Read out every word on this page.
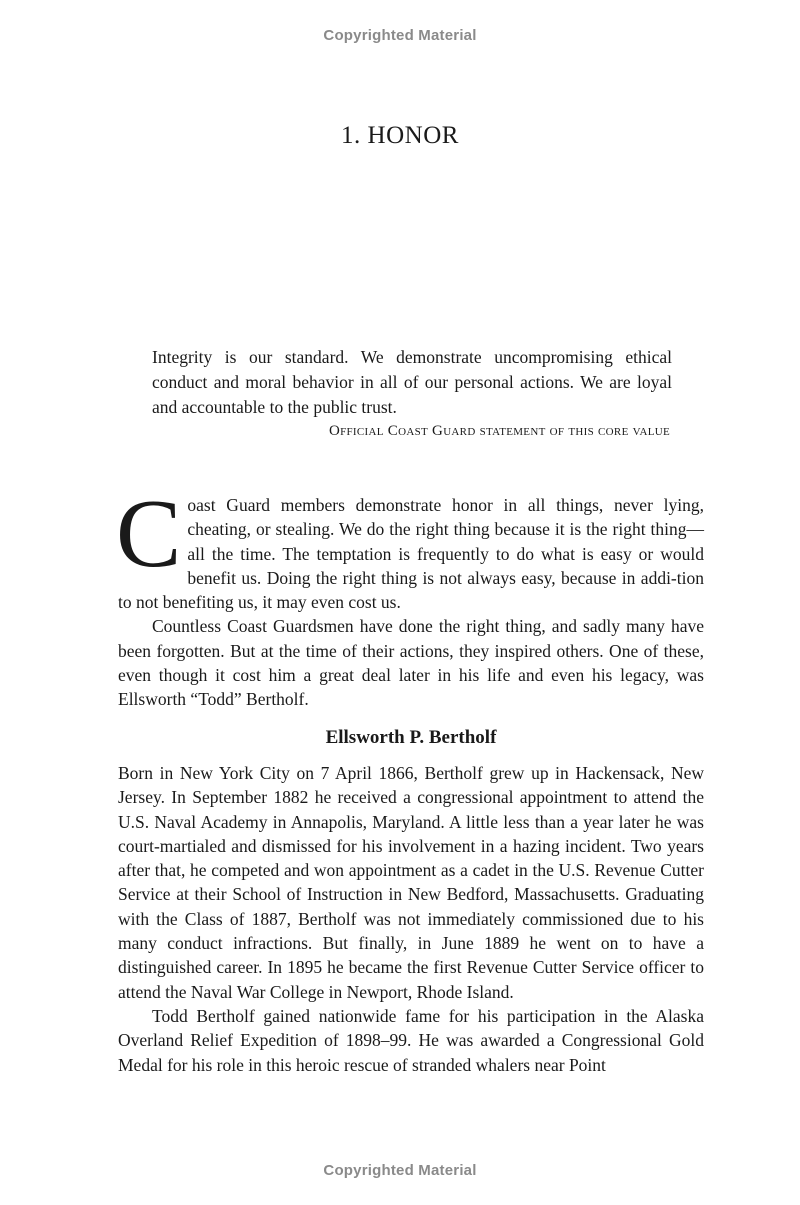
Copyrighted Material
1. HONOR
Integrity is our standard. We demonstrate uncompromising ethical conduct and moral behavior in all of our personal actions. We are loyal and accountable to the public trust.
Official Coast Guard statement of this core value

Coast Guard members demonstrate honor in all things, never lying, cheating, or stealing. We do the right thing because it is the right thing—all the time. The temptation is frequently to do what is easy or would benefit us. Doing the right thing is not always easy, because in addi-tion to not benefiting us, it may even cost us.

Countless Coast Guardsmen have done the right thing, and sadly many have been forgotten. But at the time of their actions, they inspired others. One of these, even though it cost him a great deal later in his life and even his legacy, was Ellsworth “Todd” Bertholf.

Ellsworth P. Bertholf

Born in New York City on 7 April 1866, Bertholf grew up in Hackensack, New Jersey. In September 1882 he received a congressional appointment to attend the U.S. Naval Academy in Annapolis, Maryland. A little less than a year later he was court-martialed and dismissed for his involvement in a hazing incident. Two years after that, he competed and won appointment as a cadet in the U.S. Revenue Cutter Service at their School of Instruction in New Bedford, Massachusetts. Graduating with the Class of 1887, Bertholf was not immediately commissioned due to his many conduct infractions. But finally, in June 1889 he went on to have a distinguished career. In 1895 he became the first Revenue Cutter Service officer to attend the Naval War College in Newport, Rhode Island.

Todd Bertholf gained nationwide fame for his participation in the Alaska Overland Relief Expedition of 1898–99. He was awarded a Congressional Gold Medal for his role in this heroic rescue of stranded whalers near Point

Copyrighted Material
